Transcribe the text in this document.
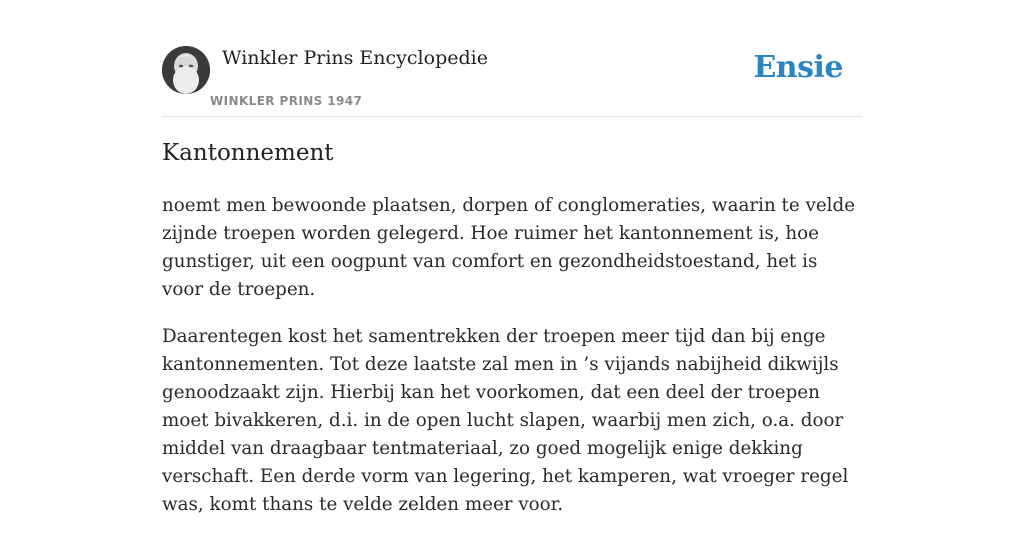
Winkler Prins Encyclopedie
WINKLER PRINS 1947
Ensie
Kantonnement

noemt men bewoonde plaatsen, dorpen of conglomeraties, waarin te velde zijnde troepen worden gelegerd. Hoe ruimer het kantonnement is, hoe gunstiger, uit een oogpunt van comfort en gezondheidstoestand, het is voor de troepen.

Daarentegen kost het samentrekken der troepen meer tijd dan bij enge kantonnementen. Tot deze laatste zal men in ’s vijands nabijheid dikwijls genoodzaakt zijn. Hierbij kan het voorkomen, dat een deel der troepen moet bivakkeren, d.i. in de open lucht slapen, waarbij men zich, o.a. door middel van draagbaar tentmateriaal, zo goed mogelijk enige dekking verschaft. Een derde vorm van legering, het kamperen, wat vroeger regel was, komt thans te velde zelden meer voor.
